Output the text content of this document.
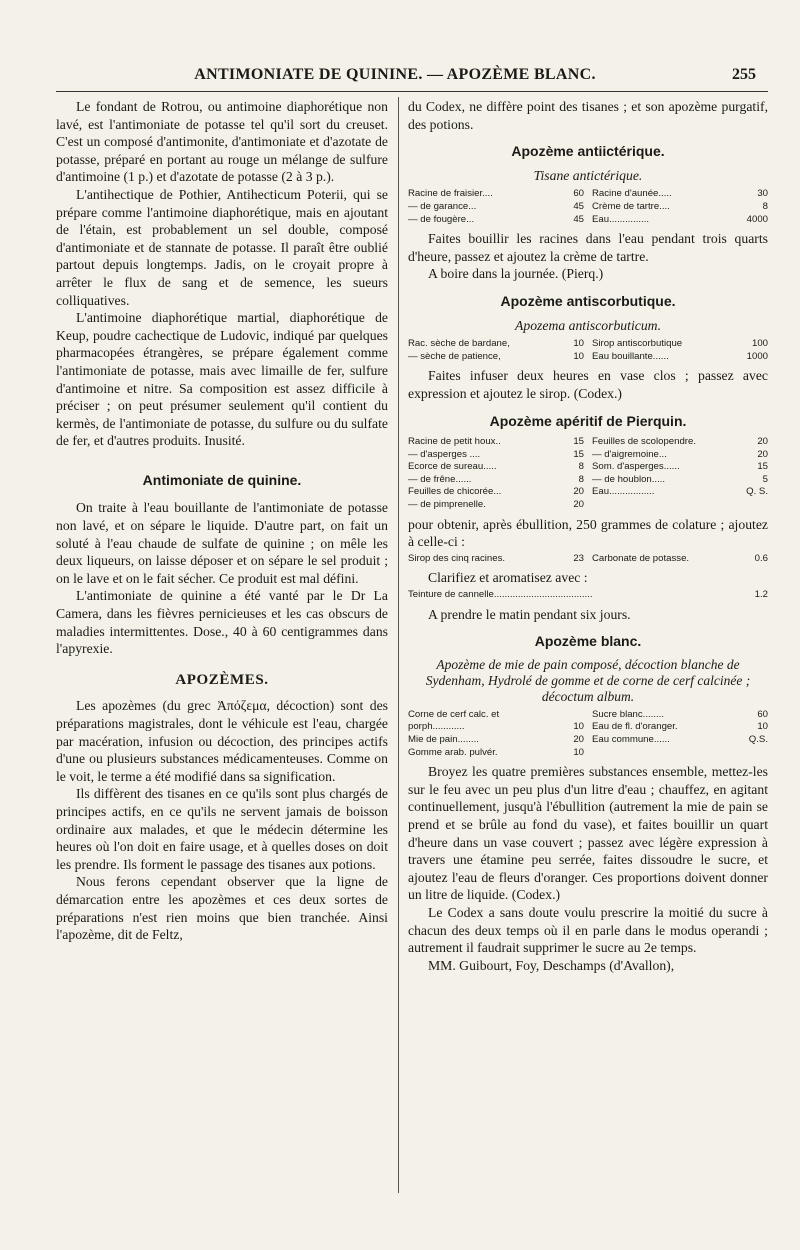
ANTIMONIATE DE QUININE. — APOZÈME BLANC.	255

Le fondant de Rotrou, ou antimoine diaphorétique non lavé, est l'antimoniate de potasse tel qu'il sort du creuset. C'est un composé d'antimonite, d'antimoniate et d'azotate de potasse, préparé en portant au rouge un mélange de sulfure d'antimoine (1 p.) et d'azotate de potasse (2 à 3 p.).

L'antihectique de Pothier, Antihecticum Poterii, qui se prépare comme l'antimoine diaphorétique, mais en ajoutant de l'étain, est probablement un sel double, composé d'antimoniate et de stannate de potasse. Il paraît être oublié partout depuis longtemps. Jadis, on le croyait propre à arrêter le flux de sang et de semence, les sueurs colliquatives.

L'antimoine diaphorétique martial, diaphorétique de Keup, poudre cachectique de Ludovic, indiqué par quelques pharmacopées étrangères, se prépare également comme l'antimoniate de potasse, mais avec limaille de fer, sulfure d'antimoine et nitre. Sa composition est assez difficile à préciser ; on peut présumer seulement qu'il contient du kermès, de l'antimoniate de potasse, du sulfure ou du sulfate de fer, et d'autres produits. Inusité.

Antimoniate de quinine.

On traite à l'eau bouillante de l'antimoniate de potasse non lavé, et on sépare le liquide. D'autre part, on fait un soluté à l'eau chaude de sulfate de quinine ; on mêle les deux liqueurs, on laisse déposer et on sépare le sel produit ; on le lave et on le fait sécher. Ce produit est mal défini.

L'antimoniate de quinine a été vanté par le Dr La Camera, dans les fièvres pernicieuses et les cas obscurs de maladies intermittentes. Dose., 40 à 60 centigrammes dans l'apyrexie.

APOZÈMES.

Les apozèmes (du grec Ἀπόζεμα, décoction) sont des préparations magistrales, dont le véhicule est l'eau, chargée par macération, infusion ou décoction, des principes actifs d'une ou plusieurs substances médicamenteuses. Comme on le voit, le terme a été modifié dans sa signification.

Ils diffèrent des tisanes en ce qu'ils sont plus chargés de principes actifs, en ce qu'ils ne servent jamais de boisson ordinaire aux malades, et que le médecin détermine les heures où l'on doit en faire usage, et à quelles doses on doit les prendre. Ils forment le passage des tisanes aux potions.

Nous ferons cependant observer que la ligne de démarcation entre les apozèmes et ces deux sortes de préparations n'est rien moins que bien tranchée. Ainsi l'apozème, dit de Feltz,

du Codex, ne diffère point des tisanes ; et son apozème purgatif, des potions.

Apozème antiictérique.
Tisane antictérique.
Racine de fraisier....	60 Racine d'aunée.....	30
— de garance...	45 Crème de tartre....	8
— de fougère...	45 Eau...............	4000

Faites bouillir les racines dans l'eau pendant trois quarts d'heure, passez et ajoutez la crème de tartre.

A boire dans la journée. (Pierq.)

Apozème antiscorbutique.
Apozema antiscorbuticum.
Rac. sèche de bardane,	10 Sirop antiscorbutique	100
— sèche de patience,	10 Eau bouillante......	1000

Faites infuser deux heures en vase clos ; passez avec expression et ajoutez le sirop. (Codex.)

Apozème apéritif de Pierquin.
Racine de petit houx..	15 Feuilles de scolopendre.	20
— d'asperges ....	15 — d'aigremoine...	20
Ecorce de sureau.....	8 Som. d'asperges......	15
— de frêne......	8 — de houblon.....	5
Feuilles de chicorée...	20 Eau.................	Q. S.
— de pimprenelle.	20

pour obtenir, après ébullition, 250 grammes de colature ; ajoutez à celle-ci :

Sirop des cinq racines.	23 Carbonate de potasse.	0.6

Clarifiez et aromatisez avec :

Teinture de cannelle.....................................	1.2

A prendre le matin pendant six jours.

Apozème blanc.
Apozème de mie de pain composé, décoction blanche de Sydenham, Hydrolé de gomme et de corne de cerf calcinée ; décoctum album.
Corne de cerf calc. et	Sucre blanc........	60
porph............	10 Eau de fl. d'oranger.	10
Mie de pain........	20 Eau commune......	Q.S.
Gomme arab. pulvér.	10

Broyez les quatre premières substances ensemble, mettez-les sur le feu avec un peu plus d'un litre d'eau ; chauffez, en agitant continuellement, jusqu'à l'ébullition (autrement la mie de pain se prend et se brûle au fond du vase), et faites bouillir un quart d'heure dans un vase couvert ; passez avec légère expression à travers une étamine peu serrée, faites dissoudre le sucre, et ajoutez l'eau de fleurs d'oranger. Ces proportions doivent donner un litre de liquide. (Codex.)

Le Codex a sans doute voulu prescrire la moitié du sucre à chacun des deux temps où il en parle dans le modus operandi ; autrement il faudrait supprimer le sucre au 2e temps.

MM. Guibourt, Foy, Deschamps (d'Avallon),
